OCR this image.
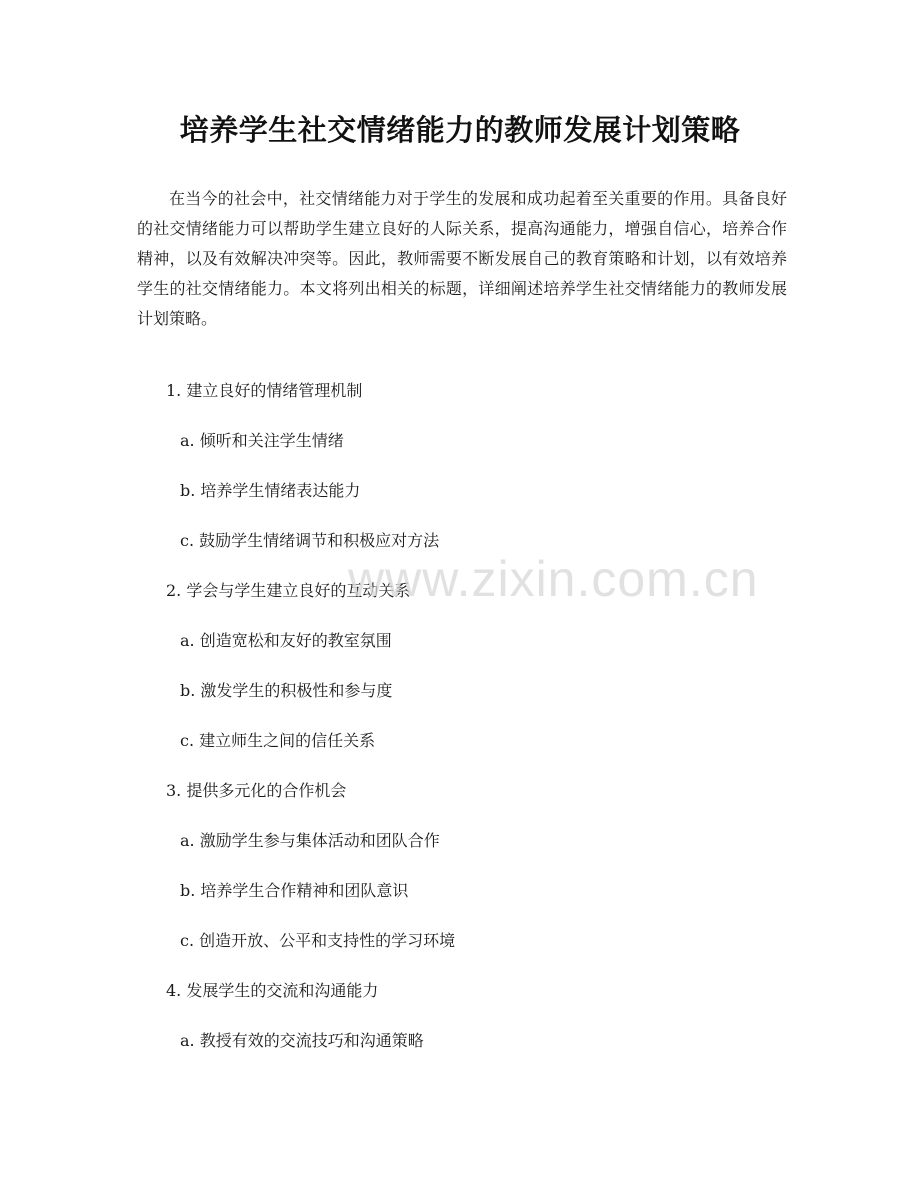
培养学生社交情绪能力的教师发展计划策略

在当今的社会中，社交情绪能力对于学生的发展和成功起着至关重要的作用。具备良好的社交情绪能力可以帮助学生建立良好的人际关系，提高沟通能力，增强自信心，培养合作精神，以及有效解决冲突等。因此，教师需要不断发展自己的教育策略和计划，以有效培养学生的社交情绪能力。本文将列出相关的标题，详细阐述培养学生社交情绪能力的教师发展计划策略。

1. 建立良好的情绪管理机制

a. 倾听和关注学生情绪

b. 培养学生情绪表达能力

c. 鼓励学生情绪调节和积极应对方法

2. 学会与学生建立良好的互动关系

a. 创造宽松和友好的教室氛围

b. 激发学生的积极性和参与度

c. 建立师生之间的信任关系

3. 提供多元化的合作机会

a. 激励学生参与集体活动和团队合作

b. 培养学生合作精神和团队意识

c. 创造开放、公平和支持性的学习环境

4. 发展学生的交流和沟通能力

a. 教授有效的交流技巧和沟通策略

www.zixin.com.cn
